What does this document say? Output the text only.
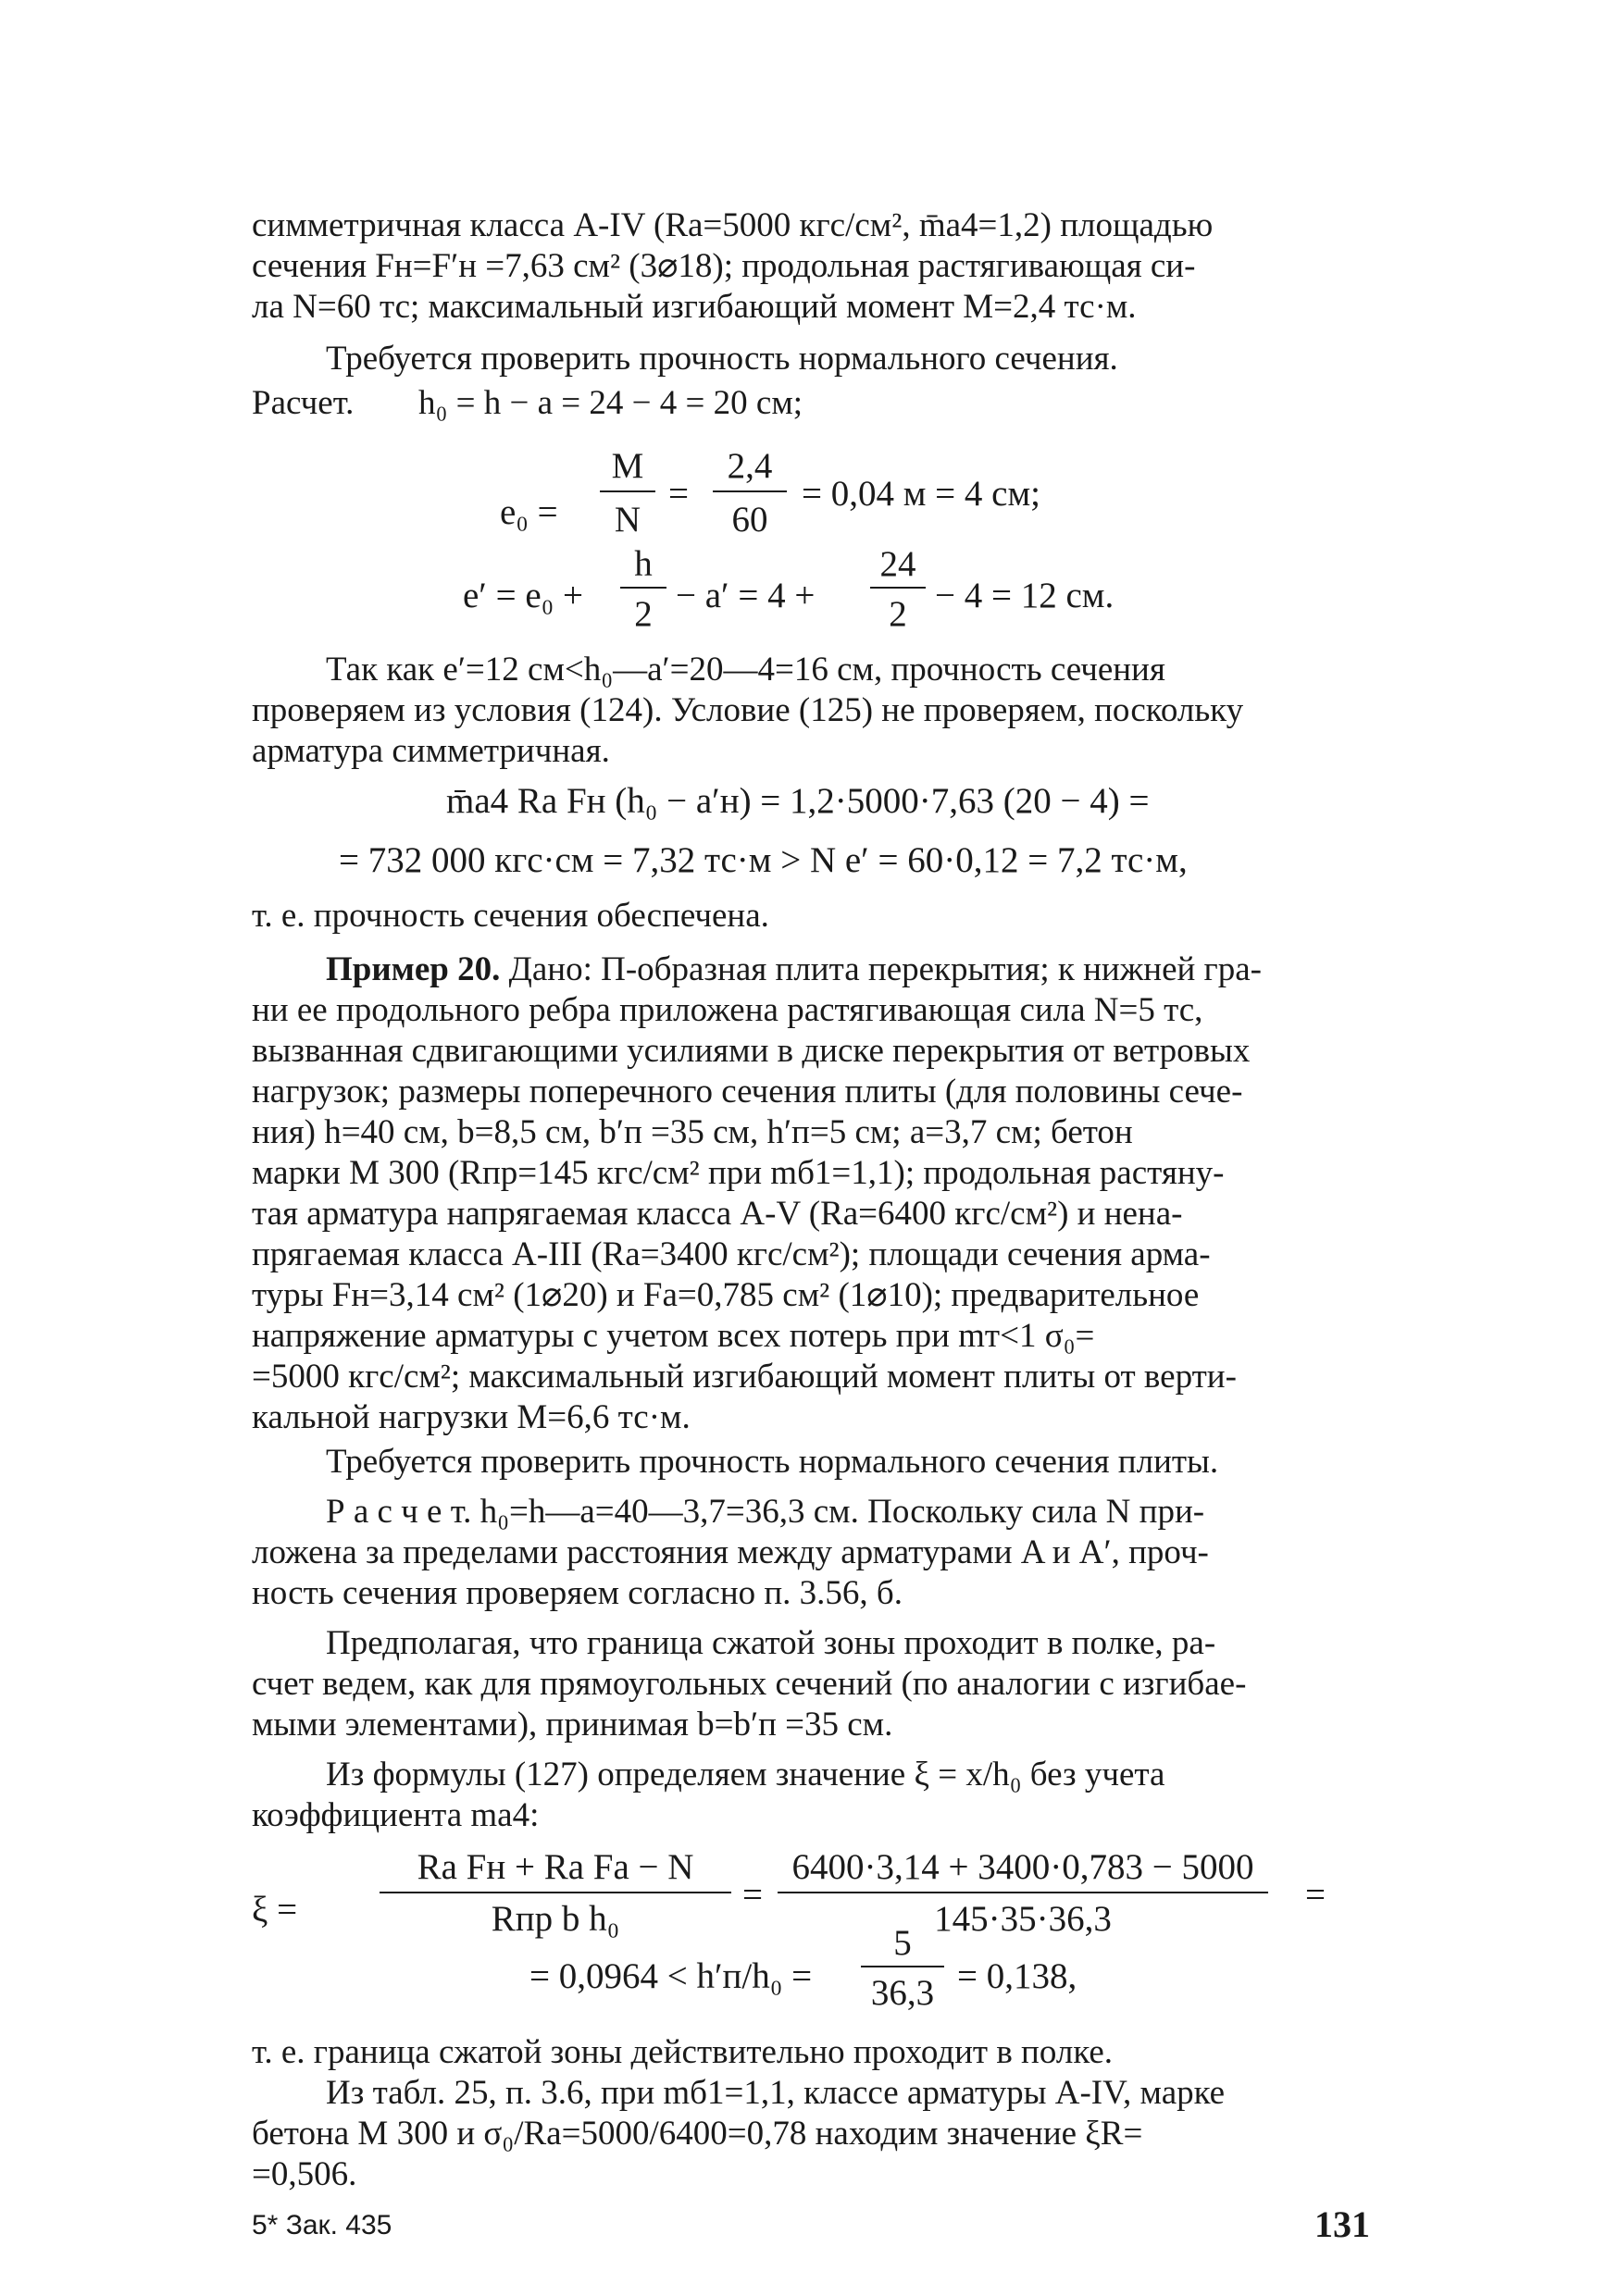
симметричная класса А-IV (Rа=5000 кгс/см², m̄а4=1,2) площадью
сечения Fн=F′н =7,63 см² (3⌀18); продольная растягивающая си-
ла N=60 тс; максимальный изгибающий момент M=2,4 тс·м.
Требуется проверить прочность нормального сечения.
Расчет. h₀ = h − a = 24 − 4 = 20 см;
e₀ =
M
N
=
2,4
60
= 0,04 м = 4 см;
e′ = e₀ +
h
2 − a′ = 4 +
24
2 − 4 = 12 см.
Так как e′=12 см<h₀—a′=20—4=16 см, прочность сечения
проверяем из условия (124). Условие (125) не проверяем, поскольку
арматура симметричная.
m̄а4 Rа Fн (h₀ − a′н) = 1,2·5000·7,63 (20 − 4) =
= 732 000 кгс·см = 7,32 тс·м > N e′ = 60·0,12 = 7,2 тс·м,
т. е. прочность сечения обеспечена.
Пример 20. Дано: П-образная плита перекрытия; к нижней гра-
ни ее продольного ребра приложена растягивающая сила N=5 тс,
вызванная сдвигающими усилиями в диске перекрытия от ветровых
нагрузок; размеры поперечного сечения плиты (для половины сече-
ния) h=40 см, b=8,5 см, b′п =35 см, h′п=5 см; a=3,7 см; бетон
марки М 300 (Rпр=145 кгс/см² при mб1=1,1); продольная растяну-
тая арматура напрягаемая класса А-V (Rа=6400 кгс/см²) и нена-
прягаемая класса А-III (Rа=3400 кгс/см²); площади сечения арма-
туры Fн=3,14 см² (1⌀20) и Fа=0,785 см² (1⌀10); предварительное
напряжение арматуры с учетом всех потерь при mт<1 σ₀=
=5000 кгс/см²; максимальный изгибающий момент плиты от верти-
кальной нагрузки M=6,6 тс·м.
Требуется проверить прочность нормального сечения плиты.
Р а с ч е т. h₀=h—a=40—3,7=36,3 см. Поскольку сила N при-
ложена за пределами расстояния между арматурами A и A′, проч-
ность сечения проверяем согласно п. 3.56, б.
Предполагая, что граница сжатой зоны проходит в полке, ра-
счет ведем, как для прямоугольных сечений (по аналогии с изгибае-
мыми элементами), принимая b=b′п =35 см.
Из формулы (127) определяем значение ξ = x/h₀ без учета
коэффициента mа4:
ξ =
Rа Fн + Rа Fа − N
Rпр b h₀
=
6400·3,14 + 3400·0,783 − 5000
145·35·36,3
=
= 0,0964 < h′п/h₀ =
5
36,3 = 0,138,
т. е. граница сжатой зоны действительно проходит в полке.
Из табл. 25, п. 3.6, при mб1=1,1, классе арматуры А-IV, марке
бетона М 300 и σ₀/Rа=5000/6400=0,78 находим значение ξR=
=0,506.
5* Зак. 435	131
